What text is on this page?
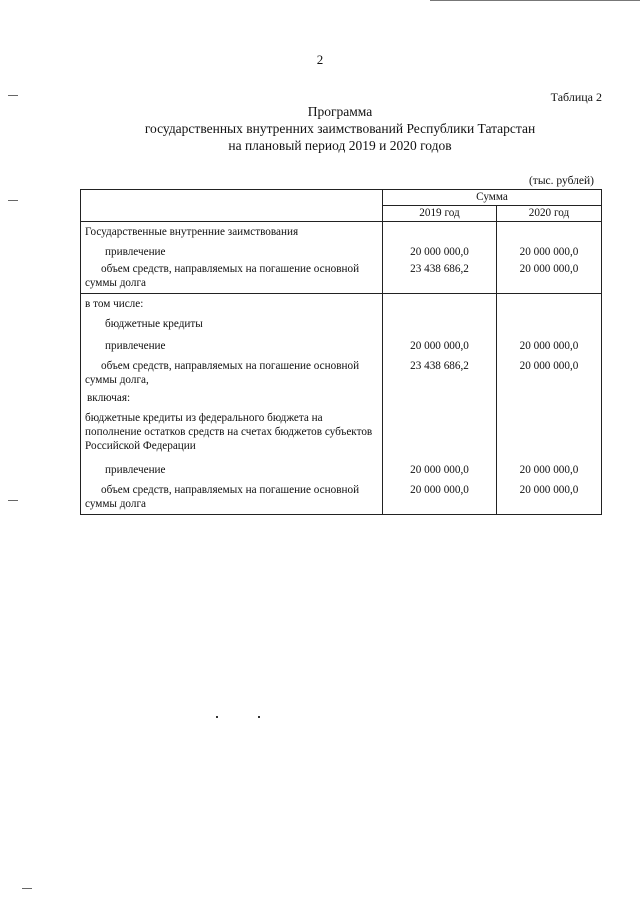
2
Таблица 2
Программа
государственных внутренних заимствований Республики Татарстан
на плановый период 2019 и 2020 годов
(тыс. рублей)
	Сумма	
	2019 год	2020 год
Государственные внутренние заимствования		

привлечение	20 000 000,0	20 000 000,0
объем средств, направляемых на погашение основной суммы долга	23 438 686,2	20 000 000,0
в том числе:		

бюджетные кредиты		

привлечение	20 000 000,0	20 000 000,0
объем средств, направляемых на погашение основной суммы долга,	23 438 686,2	20 000 000,0
включая:		
бюджетные кредиты из федерального бюджета на пополнение остатков средств на счетах бюджетов субъектов Российской Федерации		

привлечение	20 000 000,0	20 000 000,0
объем средств, направляемых на погашение основной суммы долга	20 000 000,0	20 000 000,0
